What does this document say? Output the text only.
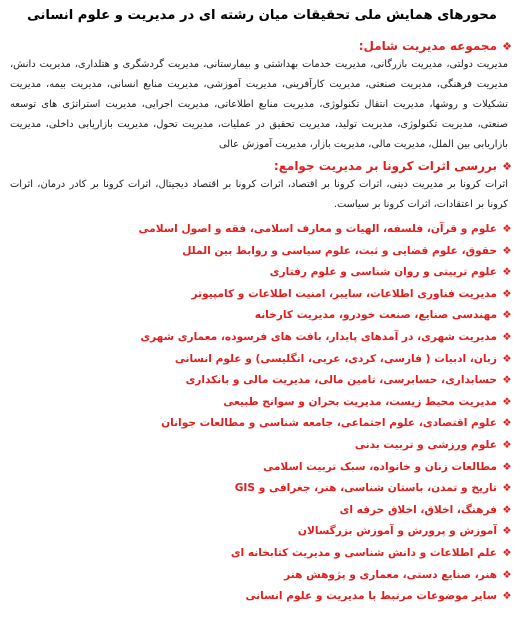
محورهای همایش ملی تحقیقات میان رشته ای در مدیریت و علوم انسانی
❖
مجموعه مدیریت شامل:
مدیریت دولتی، مدیریت بازرگانی، مدیریت خدمات بهداشتی و بیمارستانی، مدیریت گردشگری و هتلداری، مدیریت دانش، مدیریت فرهنگی، مدیریت صنعتی، مدیریت کارآفرینی، مدیریت آموزشی، مدیریت منابع انسانی، مدیریت بیمه، مدیریت تشکیلات و روشها، مدیریت انتقال تکنولوژی، مدیریت منابع اطلاعاتی، مدیریت اجرایی، مدیریت استراتژی های توسعه صنعتی، مدیریت تکنولوژی، مدیریت تولید، مدیریت تحقیق در عملیات، مدیریت تحول، مدیریت بازاریابی داخلی، مدیریت بازاریابی بین الملل، مدیریت مالی، مدیریت بازار، مدیریت آموزش عالی
❖
بررسی اثرات کرونا بر مدیریت جوامع:
اثرات کرونا بر مدیریت دینی، اثرات کرونا بر اقتصاد، اثرات کرونا بر اقتصاد دیجیتال، اثرات کرونا بر کادر درمان، اثرات کرونا بر اعتقادات، اثرات کرونا بر سیاست.
❖
علوم و قرآن، فلسفه، الهیات و معارف اسلامی، فقه و اصول اسلامی
❖
حقوق، علوم قضایی و ثبت، علوم سیاسی و روابط بین الملل
❖
علوم تربیتی و روان شناسی و علوم رفتاری
❖
مدیریت فناوری اطلاعات، سایبر، امنیت اطلاعات و کامپیوتر
❖
مهندسی صنایع، صنعت خودرو، مدیریت کارخانه
❖
مدیریت شهری، در آمدهای پایدار، بافت های فرسوده، معماری شهری
❖
زبان، ادبیات ( فارسی، کردی، عربی، انگلیسی) و علوم انسانی
❖
حسابداری، حسابرسی، تامین مالی، مدیریت مالی و بانکداری
❖
مدیریت محیط زیست، مدیریت بحران و سوانح طبیعی
❖
علوم اقتصادی، علوم اجتماعی، جامعه شناسی و مطالعات جوانان
❖
علوم ورزشی و تربیت بدنی
❖
مطالعات زنان و خانواده، سبک تربیت اسلامی
❖
تاریخ و تمدن، باستان شناسی، هنر، جغرافی و GIS
❖
فرهنگ، اخلاق، اخلاق حرفه ای
❖
آموزش و پرورش و آموزش بزرگسالان
❖
علم اطلاعات و دانش شناسی و مدیریت کتابخانه ای
❖
هنر، صنایع دستی، معماری و پژوهش هنر
❖
سایر موضوعات مرتبط با مدیریت و علوم انسانی
